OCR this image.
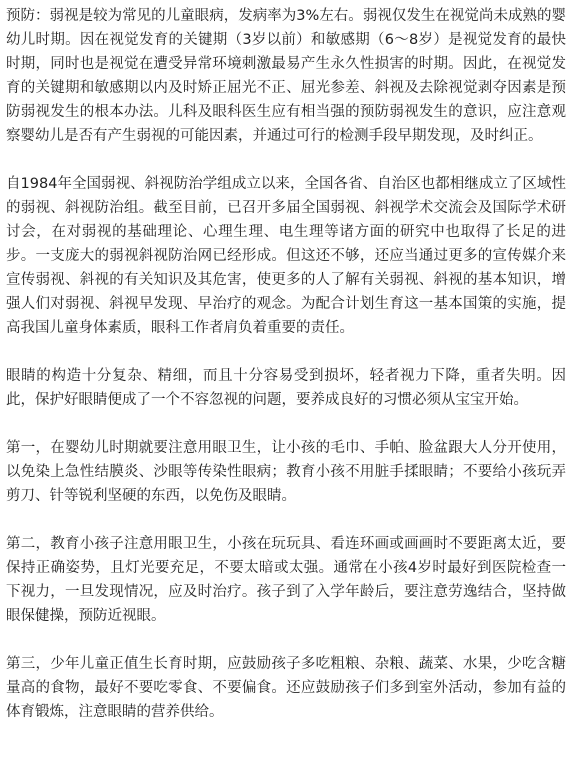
预防：弱视是较为常见的儿童眼病，发病率为3%左右。弱视仅发生在视觉尚未成熟的婴幼儿时期。因在视觉发育的关键期（3岁以前）和敏感期（6～8岁）是视觉发育的最快时期，同时也是视觉在遭受异常环境刺激最易产生永久性损害的时期。因此，在视觉发育的关键期和敏感期以内及时矫正屈光不正、屈光参差、斜视及去除视觉剥夺因素是预防弱视发生的根本办法。儿科及眼科医生应有相当强的预防弱视发生的意识，应注意观察婴幼儿是否有产生弱视的可能因素，并通过可行的检测手段早期发现，及时纠正。

自1984年全国弱视、斜视防治学组成立以来，全国各省、自治区也都相继成立了区域性的弱视、斜视防治组。截至目前，已召开多届全国弱视、斜视学术交流会及国际学术研讨会，在对弱视的基础理论、心理生理、电生理等诸方面的研究中也取得了长足的进步。一支庞大的弱视斜视防治网已经形成。但这还不够，还应当通过更多的宣传媒介来宣传弱视、斜视的有关知识及其危害，使更多的人了解有关弱视、斜视的基本知识，增强人们对弱视、斜视早发现、早治疗的观念。为配合计划生育这一基本国策的实施，提高我国儿童身体素质，眼科工作者肩负着重要的责任。

眼睛的构造十分复杂、精细，而且十分容易受到损坏，轻者视力下降，重者失明。因此，保护好眼睛便成了一个不容忽视的问题，要养成良好的习惯必须从宝宝开始。

第一，在婴幼儿时期就要注意用眼卫生，让小孩的毛巾、手帕、脸盆跟大人分开使用，以免染上急性结膜炎、沙眼等传染性眼病；教育小孩不用脏手揉眼睛；不要给小孩玩弄剪刀、针等锐利坚硬的东西，以免伤及眼睛。

第二，教育小孩子注意用眼卫生，小孩在玩玩具、看连环画或画画时不要距离太近，要保持正确姿势，且灯光要充足，不要太暗或太强。通常在小孩4岁时最好到医院检查一下视力，一旦发现情况，应及时治疗。孩子到了入学年龄后，要注意劳逸结合，坚持做眼保健操，预防近视眼。

第三，少年儿童正值生长育时期，应鼓励孩子多吃粗粮、杂粮、蔬菜、水果，少吃含糖量高的食物，最好不要吃零食、不要偏食。还应鼓励孩子们多到室外活动，参加有益的体育锻炼，注意眼睛的营养供给。
